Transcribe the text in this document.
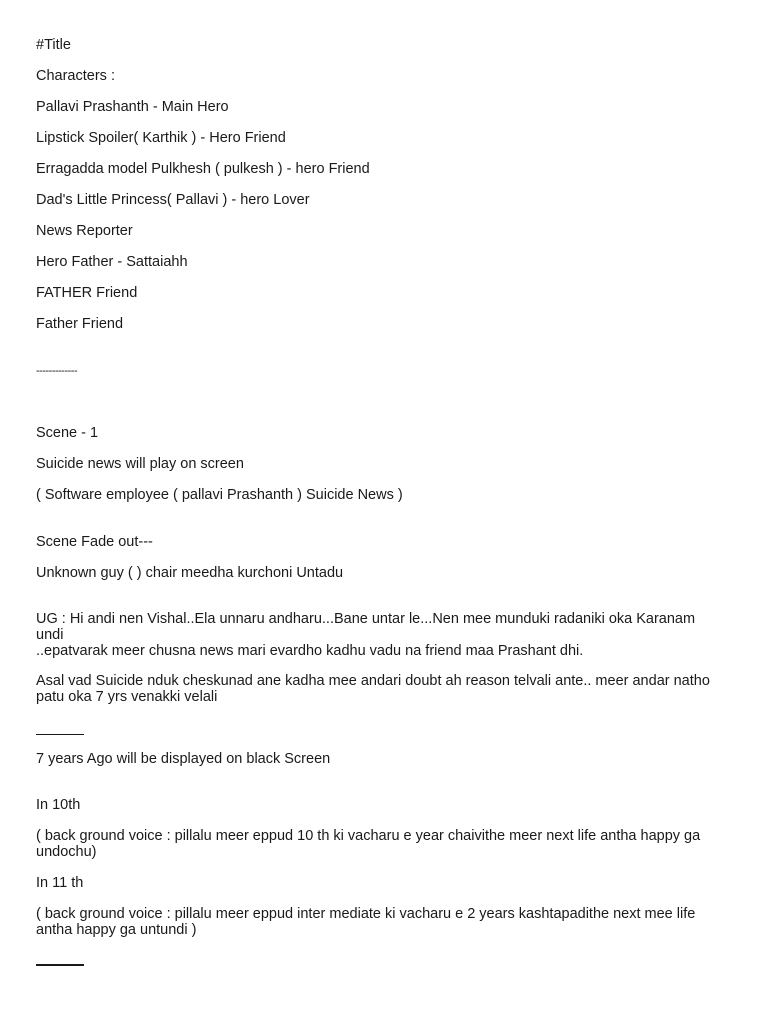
#Title
Characters :
Pallavi Prashanth - Main Hero
Lipstick Spoiler( Karthik ) - Hero Friend
Erragadda model Pulkhesh ( pulkesh ) - hero Friend
Dad's Little Princess( Pallavi ) - hero Lover
News Reporter
Hero Father - Sattaiahh
FATHER Friend
Father Friend
-------------
Scene - 1
Suicide news will play on screen
( Software employee ( pallavi Prashanth ) Suicide News )
Scene Fade out---
Unknown guy ( ) chair meedha kurchoni Untadu
UG : Hi andi nen Vishal..Ela unnaru andharu...Bane untar le...Nen mee munduki radaniki oka Karanam
undi
..epatvarak meer chusna news mari evardho kadhu vadu na friend maa Prashant dhi.
Asal vad Suicide nduk cheskunad ane kadha mee andari doubt ah reason telvali ante.. meer andar natho
patu oka 7 yrs venakki velali
7 years Ago will be displayed on black Screen
In 10th
( back ground voice : pillalu meer eppud 10 th ki vacharu e year chaivithe meer next life antha happy ga
undochu)
In 11 th
( back ground voice : pillalu meer eppud inter mediate ki vacharu e 2 years kashtapadithe next mee life
antha happy ga untundi )
